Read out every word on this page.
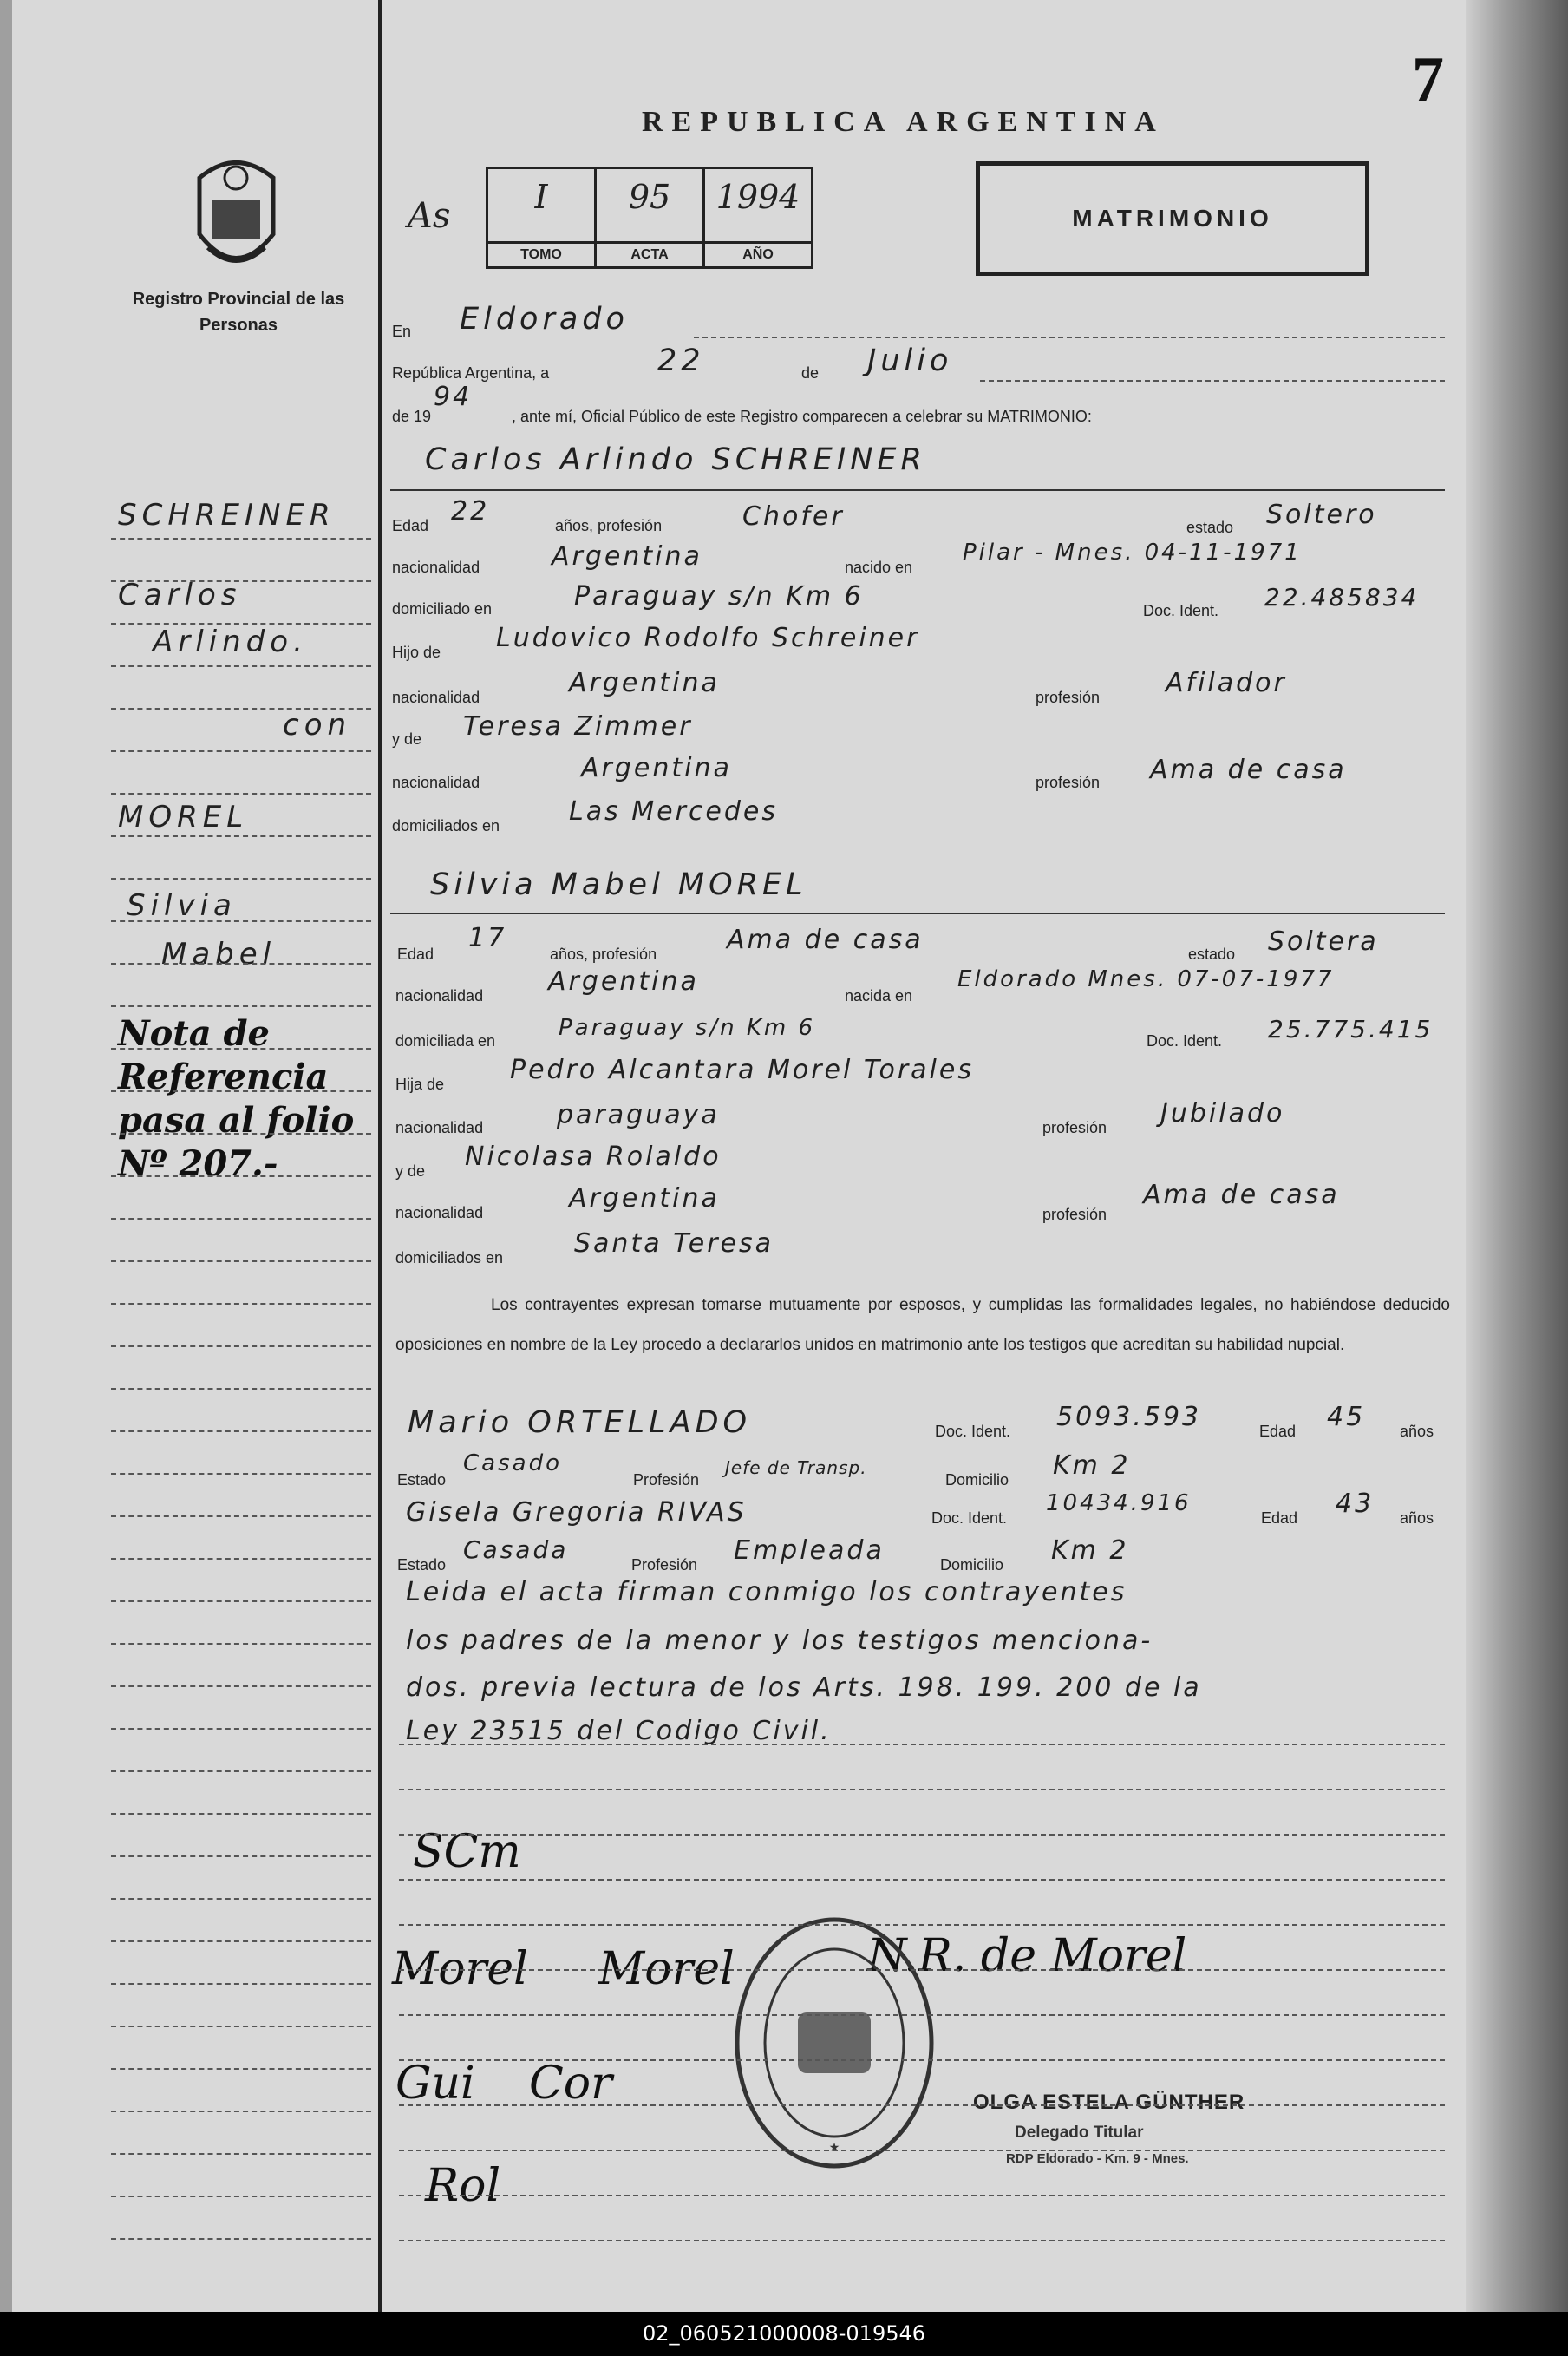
7
REPUBLICA ARGENTINA
Registro Provincial de las Personas
As	I
TOMO
95
ACTA
1994
AÑO
MATRIMONIO
En Eldorado
República Argentina, a	22	de Julio
de 19
94
, ante mí, Oficial Público de este Registro comparecen a celebrar su MATRIMONIO:
Carlos Arlindo SCHREINER
Edad 22	años, profesión	Chofer	estado Soltero
nacionalidad	Argentina	nacido en
Pilar - Mnes. 04-11-1971
domiciliado en	Paraguay s/n Km 6	Doc. Ident. 22.485834
Hijo de Ludovico Rodolfo Schreiner
nacionalidad	Argentina	profesión	Afilador
y de Teresa Zimmer
nacionalidad	Argentina	profesión Ama de casa
domiciliados en	Las Mercedes
Silvia Mabel MOREL
Edad
17
años, profesión	Ama de casa	estado Soltera
nacionalidad Argentina	nacida en
Eldorado Mnes. 07-07-1977
domiciliada en	Paraguay s/n Km 6	Doc. Ident. 25.775.415
Hija de	Pedro Alcantara Morel Torales
nacionalidad	paraguaya	profesión Jubilado
y de Nicolasa Rolaldo
nacionalidad	Argentina
profesión
Ama de casa
domiciliados en	Santa Teresa
Los contrayentes expresan tomarse mutuamente por esposos, y cumplidas las formalidades legales, no habiéndose deducido oposiciones en nombre de la Ley procedo a declararlos unidos en matrimonio ante los testigos que acreditan su habilidad nupcial.
Mario ORTELLADO	Doc. Ident. 5093.593	Edad 45 años
Estado
Casado
Profesión
Jefe de Transp.
Domicilio Km 2
Gisela Gregoria RIVAS	Doc. Ident.
10434.916
Edad 43 años
Estado
Casada
Profesión Empleada	Domicilio Km 2
Leida el acta firman conmigo los contrayentes
los padres de la menor y los testigos menciona-
dos. previa lectura de los Arts. 198. 199. 200 de la
Ley 23515 del Codigo Civil.
SCHREINER
Carlos
Arlindo.
con
MOREL
Silvia
Mabel
Nota de Referencia pasa al folio Nº 207.-
SCm
Morel Morel	N.R. de Morel
Gui Cor
Rol
★
OLGA ESTELA GÜNTHER
Delegado Titular
RDP Eldorado - Km. 9 - Mnes.
02_060521000008-019546
